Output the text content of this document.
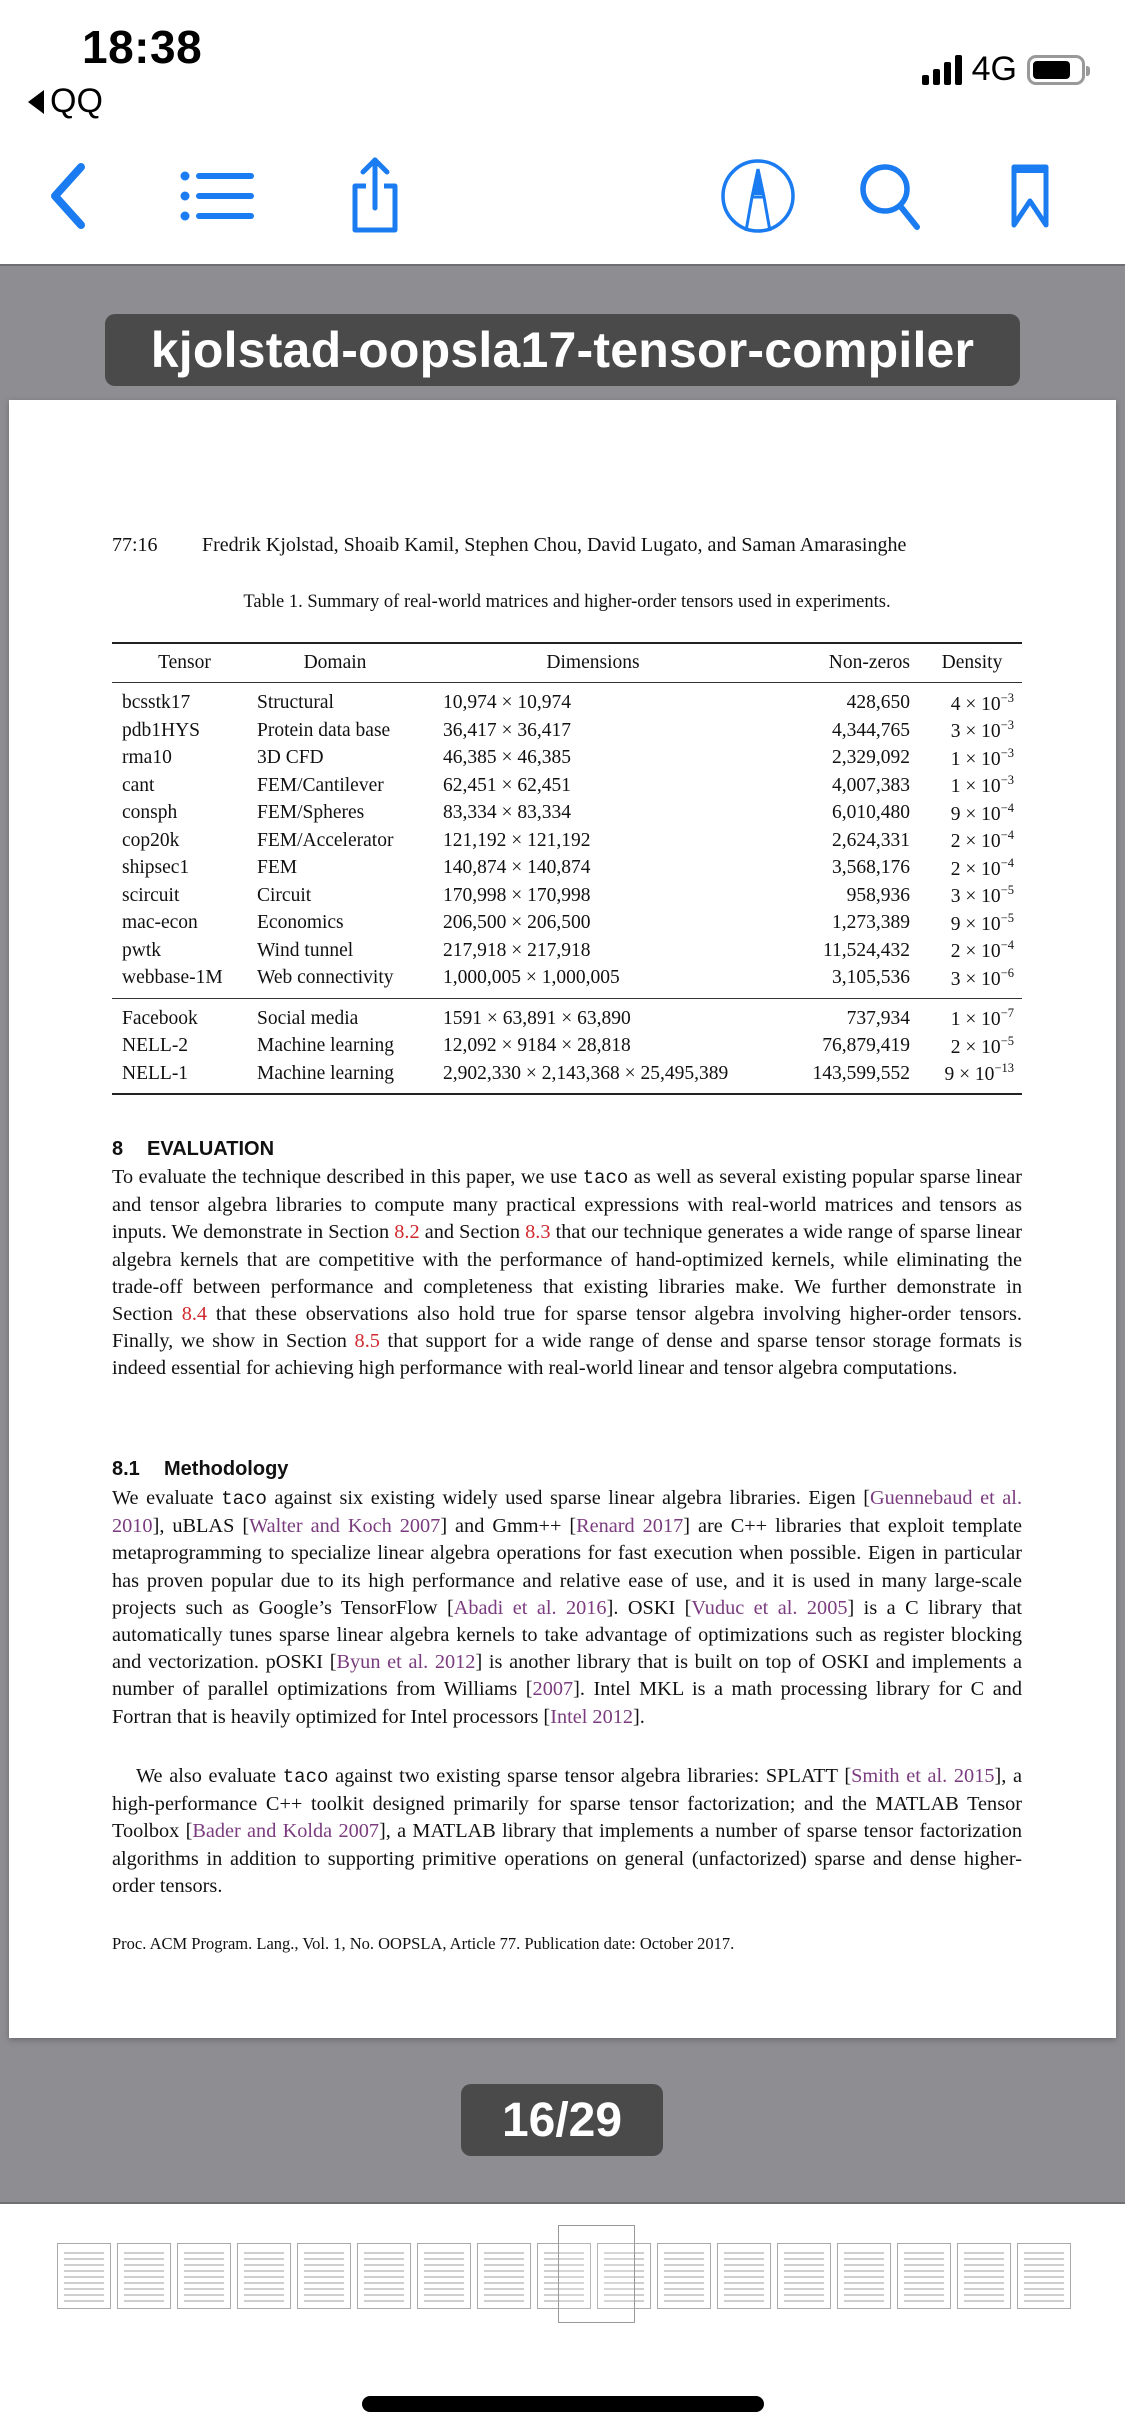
18:38
QQ
4G
kjolstad-oopsla17-tensor-compiler
77:16	Fredrik Kjolstad, Shoaib Kamil, Stephen Chou, David Lugato, and Saman Amarasinghe
Table 1. Summary of real-world matrices and higher-order tensors used in experiments.
Tensor	Domain	Dimensions	Non-zeros	Density
bcsstk17	Structural	10,974 × 10,974	428,650	$4 \times 10^{-3}$
pdb1HYS	Protein data base	36,417 × 36,417	4,344,765	$3 \times 10^{-3}$
rma10	3D CFD	46,385 × 46,385	2,329,092	$1 \times 10^{-3}$
cant	FEM/Cantilever	62,451 × 62,451	4,007,383	$1 \times 10^{-3}$
consph	FEM/Spheres	83,334 × 83,334	6,010,480	$9 \times 10^{-4}$
cop20k	FEM/Accelerator	121,192 × 121,192	2,624,331	$2 \times 10^{-4}$
shipsec1	FEM	140,874 × 140,874	3,568,176	$2 \times 10^{-4}$
scircuit	Circuit	170,998 × 170,998	958,936	$3 \times 10^{-5}$
mac-econ	Economics	206,500 × 206,500	1,273,389	$9 \times 10^{-5}$
pwtk	Wind tunnel	217,918 × 217,918	11,524,432	$2 \times 10^{-4}$
webbase-1M	Web connectivity	1,000,005 × 1,000,005	3,105,536	$3 \times 10^{-6}$
Facebook	Social media	1591 × 63,891 × 63,890	737,934	$1 \times 10^{-7}$
NELL-2	Machine learning	12,092 × 9184 × 28,818	76,879,419	$2 \times 10^{-5}$
NELL-1	Machine learning	2,902,330 × 2,143,368 × 25,495,389	143,599,552	$9 \times 10^{-13}$
8 EVALUATION
To evaluate the technique described in this paper, we use taco as well as several existing popular sparse linear and tensor algebra libraries to compute many practical expressions with real-world matrices and tensors as inputs. We demonstrate in Section 8.2 and Section 8.3 that our technique generates a wide range of sparse linear algebra kernels that are competitive with the performance of hand-optimized kernels, while eliminating the trade-off between performance and completeness that existing libraries make. We further demonstrate in Section 8.4 that these observations also hold true for sparse tensor algebra involving higher-order tensors. Finally, we show in Section 8.5 that support for a wide range of dense and sparse tensor storage formats is indeed essential for achieving high performance with real-world linear and tensor algebra computations.
8.1 Methodology
We evaluate taco against six existing widely used sparse linear algebra libraries. Eigen [Guennebaud et al. 2010], uBLAS [Walter and Koch 2007] and Gmm++ [Renard 2017] are C++ libraries that exploit template metaprogramming to specialize linear algebra operations for fast execution when possible. Eigen in particular has proven popular due to its high performance and relative ease of use, and it is used in many large-scale projects such as Google’s TensorFlow [Abadi et al. 2016]. OSKI [Vuduc et al. 2005] is a C library that automatically tunes sparse linear algebra kernels to take advantage of optimizations such as register blocking and vectorization. pOSKI [Byun et al. 2012] is another library that is built on top of OSKI and implements a number of parallel optimizations from Williams [2007]. Intel MKL is a math processing library for C and Fortran that is heavily optimized for Intel processors [Intel 2012].
We also evaluate taco against two existing sparse tensor algebra libraries: SPLATT [Smith et al. 2015], a high-performance C++ toolkit designed primarily for sparse tensor factorization; and the MATLAB Tensor Toolbox [Bader and Kolda 2007], a MATLAB library that implements a number of sparse tensor factorization algorithms in addition to supporting primitive operations on general (unfactorized) sparse and dense higher-order tensors.
Proc. ACM Program. Lang., Vol. 1, No. OOPSLA, Article 77. Publication date: October 2017.
16/29
